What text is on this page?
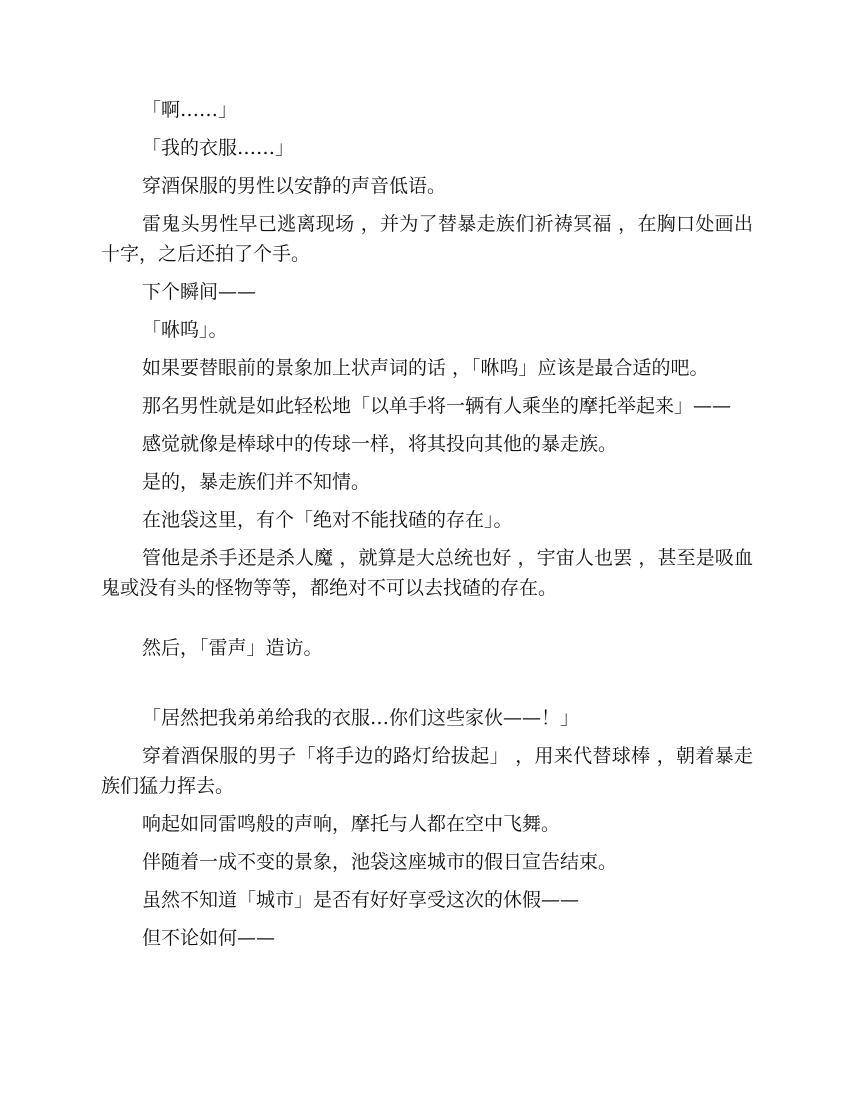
「啊……」

「我的衣服……」

穿酒保服的男性以安静的声音低语。

雷鬼头男性早已逃离现场 ，并为了替暴走族们祈祷冥福 ，在胸口处画出十字，之后还拍了个手。

下个瞬间——

「咻呜」。

如果要替眼前的景象加上状声词的话 ，「咻呜」应该是最合适的吧。

那名男性就是如此轻松地「以单手将一辆有人乘坐的摩托举起来」——

感觉就像是棒球中的传球一样，将其投向其他的暴走族。

是的，暴走族们并不知情。

在池袋这里，有个「绝对不能找碴的存在」。

管他是杀手还是杀人魔 ，就算是大总统也好 ，宇宙人也罢 ，甚至是吸血鬼或没有头的怪物等等，都绝对不可以去找碴的存在。

然后，「雷声」造访。

「居然把我弟弟给我的衣服…你们这些家伙——！」

穿着酒保服的男子「将手边的路灯给拔起」 ，用来代替球棒 ，朝着暴走族们猛力挥去。

响起如同雷鸣般的声响，摩托与人都在空中飞舞。

伴随着一成不变的景象，池袋这座城市的假日宣告结束。

虽然不知道「城市」是否有好好享受这次的休假——

但不论如何——
